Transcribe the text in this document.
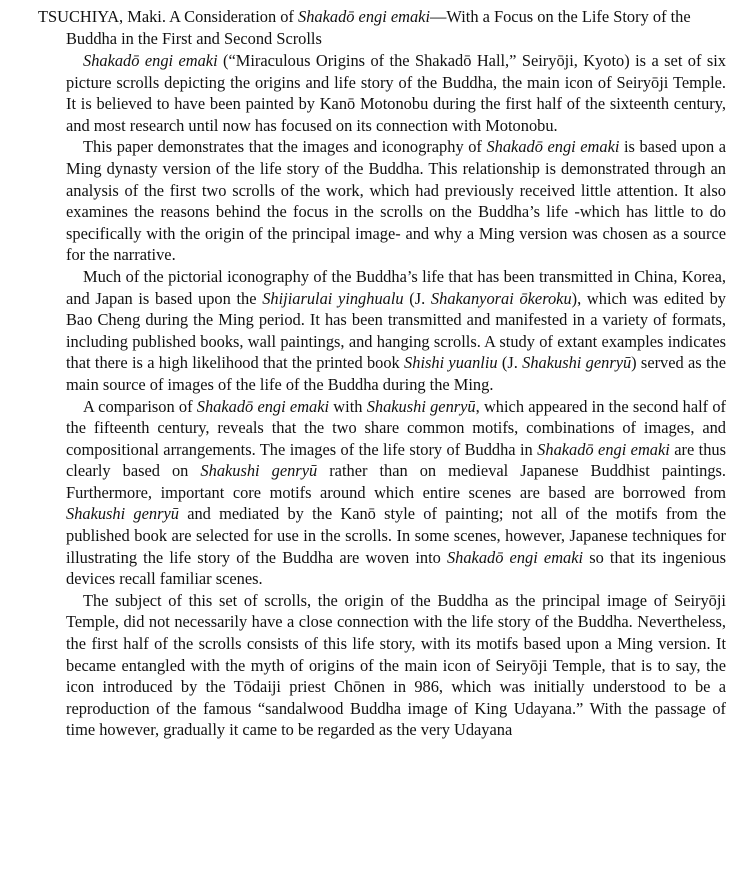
TSUCHIYA, Maki. A Consideration of Shakadō engi emaki—With a Focus on the Life Story of the Buddha in the First and Second Scrolls

Shakadō engi emaki (“Miraculous Origins of the Shakadō Hall,” Seiryōji, Kyoto) is a set of six picture scrolls depicting the origins and life story of the Buddha, the main icon of Seiryōji Temple. It is believed to have been painted by Kanō Motonobu during the first half of the sixteenth century, and most research until now has focused on its connection with Motonobu.

This paper demonstrates that the images and iconography of Shakadō engi emaki is based upon a Ming dynasty version of the life story of the Buddha. This relationship is demonstrated through an analysis of the first two scrolls of the work, which had previously received little attention. It also examines the reasons behind the focus in the scrolls on the Buddha’s life -which has little to do specifically with the origin of the principal image- and why a Ming version was chosen as a source for the narrative.

Much of the pictorial iconography of the Buddha’s life that has been transmitted in China, Korea, and Japan is based upon the Shijiarulai yinghualu (J. Shakanyorai ōkeroku), which was edited by Bao Cheng during the Ming period. It has been transmitted and manifested in a variety of formats, including published books, wall paintings, and hanging scrolls. A study of extant examples indicates that there is a high likelihood that the printed book Shishi yuanliu (J. Shakushi genryū) served as the main source of images of the life of the Buddha during the Ming.

A comparison of Shakadō engi emaki with Shakushi genryū, which appeared in the second half of the fifteenth century, reveals that the two share common motifs, combinations of images, and compositional arrangements. The images of the life story of Buddha in Shakadō engi emaki are thus clearly based on Shakushi genryū rather than on medieval Japanese Buddhist paintings. Furthermore, important core motifs around which entire scenes are based are borrowed from Shakushi genryū and mediated by the Kanō style of painting; not all of the motifs from the published book are selected for use in the scrolls. In some scenes, however, Japanese techniques for illustrating the life story of the Buddha are woven into Shakadō engi emaki so that its ingenious devices recall familiar scenes.

The subject of this set of scrolls, the origin of the Buddha as the principal image of Seiryōji Temple, did not necessarily have a close connection with the life story of the Buddha. Nevertheless, the first half of the scrolls consists of this life story, with its motifs based upon a Ming version. It became entangled with the myth of origins of the main icon of Seiryōji Temple, that is to say, the icon introduced by the Tōdaiji priest Chōnen in 986, which was initially understood to be a reproduction of the famous “sandalwood Buddha image of King Udayana.” With the passage of time however, gradually it came to be regarded as the very Udayana
